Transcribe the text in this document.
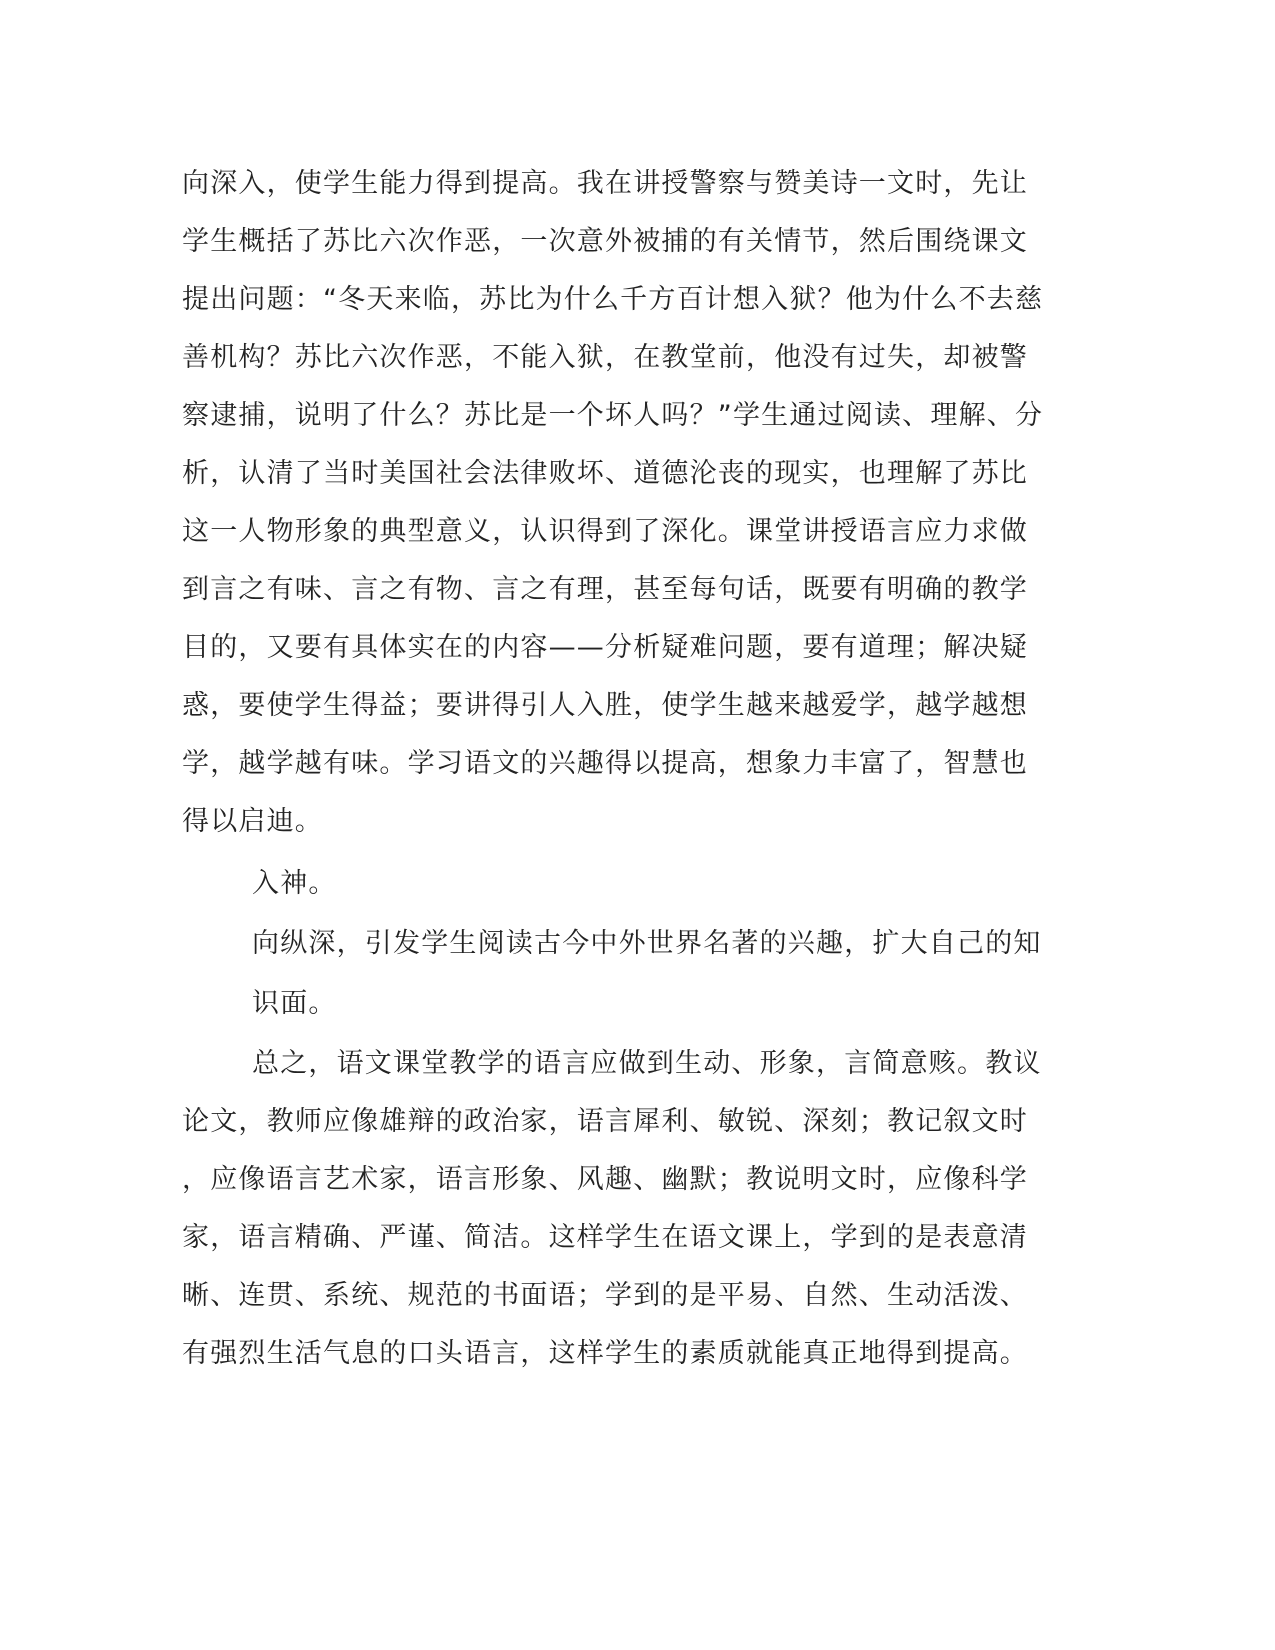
向深入，使学生能力得到提高。我在讲授警察与赞美诗一文时，先让
学生概括了苏比六次作恶，一次意外被捕的有关情节，然后围绕课文
提出问题：“冬天来临，苏比为什么千方百计想入狱？他为什么不去慈
善机构？苏比六次作恶，不能入狱，在教堂前，他没有过失，却被警
察逮捕，说明了什么？苏比是一个坏人吗？”学生通过阅读、理解、分
析，认清了当时美国社会法律败坏、道德沦丧的现实，也理解了苏比
这一人物形象的典型意义，认识得到了深化。课堂讲授语言应力求做
到言之有味、言之有物、言之有理，甚至每句话，既要有明确的教学
目的，又要有具体实在的内容——分析疑难问题，要有道理；解决疑
惑，要使学生得益；要讲得引人入胜，使学生越来越爱学，越学越想
学，越学越有味。学习语文的兴趣得以提高，想象力丰富了，智慧也
得以启迪。
入神。
向纵深，引发学生阅读古今中外世界名著的兴趣，扩大自己的知
识面。
总之，语文课堂教学的语言应做到生动、形象，言简意赅。教议
论文，教师应像雄辩的政治家，语言犀利、敏锐、深刻；教记叙文时
，应像语言艺术家，语言形象、风趣、幽默；教说明文时，应像科学
家，语言精确、严谨、简洁。这样学生在语文课上，学到的是表意清
晰、连贯、系统、规范的书面语；学到的是平易、自然、生动活泼、
有强烈生活气息的口头语言，这样学生的素质就能真正地得到提高。
